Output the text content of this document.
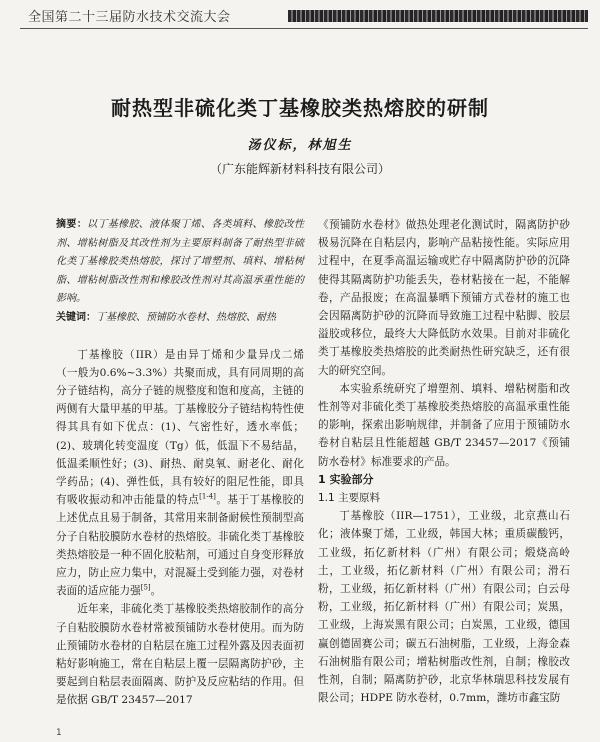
全国第二十三届防水技术交流大会
耐热型非硫化类丁基橡胶类热熔胶的研制
汤仪标，林旭生
（广东能辉新材料科技有限公司）

摘要：以丁基橡胶、液体聚丁烯、各类填料、橡胶改性剂、增粘树脂及其改性剂为主要原料制备了耐热型非硫化类丁基橡胶类热熔胶，探讨了增塑剂、填料、增粘树脂、增粘树脂改性剂和橡胶改性剂对其高温承重性能的影响。

关键词：丁基橡胶、预铺防水卷材、热熔胶、耐热

丁基橡胶（IIR）是由异丁烯和少量异戊二烯（一般为0.6%~3.3%）共聚而成，具有同周期的高分子链结构，高分子链的规整度和饱和度高，主链的两侧有大量甲基的甲基。丁基橡胶分子链结构特性使得其具有如下优点：(1)、气密性好，透水率低；(2)、玻璃化转变温度（Tg）低，低温下不易结晶，低温柔顺性好；(3)、耐热、耐臭氧、耐老化、耐化学药品；(4)、弹性低，具有较好的阻尼性能，即具有吸收振动和冲击能量的特点[1-4]。基于丁基橡胶的上述优点且易于制备，其常用来制备耐候性预制型高分子自粘胶膜防水卷材的热熔胶。非硫化类丁基橡胶类热熔胶是一种不固化胶粘剂，可通过自身变形释放应力，防止应力集中，对混凝土受到能力强，对卷材表面的适应能力强[5]。

近年来，非硫化类丁基橡胶类热熔胶制作的高分子自粘胶膜防水卷材常被预铺防水卷材使用。而为防止预铺防水卷材的自粘层在施工过程外露及因表面初粘好影响施工，常在自粘层上覆一层隔离防护砂，主要起到自粘层表面隔离、防护及反应粘结的作用。但是依据 GB/T 23457—2017

《预铺防水卷材》做热处理老化测试时，隔离防护砂极易沉降在自粘层内，影响产品粘接性能。实际应用过程中，在夏季高温运输或贮存中隔离防护砂的沉降使得其隔离防护功能丢失，卷材粘接在一起，不能解卷，产品报废；在高温暴晒下预铺方式卷材的施工也会因隔离防护砂的沉降而导致施工过程中粘脚、胶层溢胶或移位，最终大大降低防水效果。目前对非硫化类丁基橡胶类热熔胶的此类耐热性研究缺乏，还有很大的研究空间。

本实验系统研究了增塑剂、填料、增粘树脂和改性剂等对非硫化类丁基橡胶类热熔胶的高温承重性能的影响，探索出影响规律，并制备了应用于预铺防水卷材自粘层且性能超越 GB/T 23457—2017《预铺防水卷材》标准要求的产品。

1 实验部分

1.1 主要原料

丁基橡胶（IIR—1751），工业级，北京燕山石化；液体聚丁烯，工业级，韩国大林；重质碳酸钙，工业级，拓亿新材料（广州）有限公司；煅烧高岭土，工业级，拓亿新材料（广州）有限公司；滑石粉，工业级，拓亿新材料（广州）有限公司；白云母粉，工业级，拓亿新材料（广州）有限公司；炭黑，工业级，上海炭黑有限公司；白炭黑，工业级，德国赢创德固赛公司；碳五石油树脂，工业级，上海金森石油树脂有限公司；增粘树脂改性剂，自制；橡胶改性剂，自制；隔离防护砂，北京华林瑞思科技发展有限公司；HDPE 防水卷材，0.7mm，潍坊市鑫宝防

1
